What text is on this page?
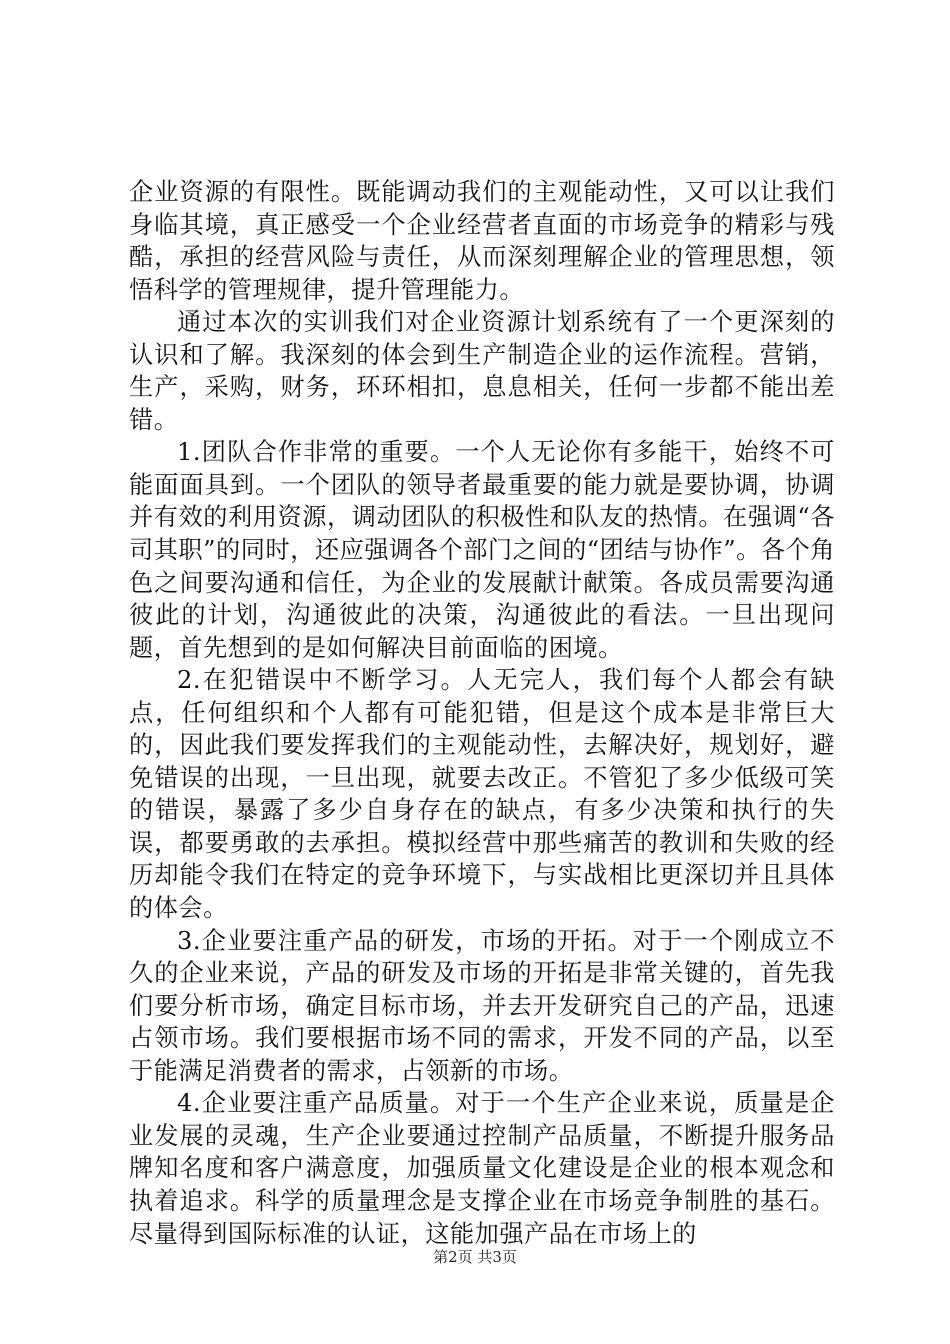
企业资源的有限性。既能调动我们的主观能动性，又可以让我们身临其境，真正感受一个企业经营者直面的市场竞争的精彩与残酷，承担的经营风险与责任，从而深刻理解企业的管理思想，领悟科学的管理规律，提升管理能力。

通过本次的实训我们对企业资源计划系统有了一个更深刻的认识和了解。我深刻的体会到生产制造企业的运作流程。营销，生产，采购，财务，环环相扣，息息相关，任何一步都不能出差错。

1.团队合作非常的重要。一个人无论你有多能干，始终不可能面面具到。一个团队的领导者最重要的能力就是要协调，协调并有效的利用资源，调动团队的积极性和队友的热情。在强调“各司其职”的同时，还应强调各个部门之间的“团结与协作”。各个角色之间要沟通和信任，为企业的发展献计献策。各成员需要沟通彼此的计划，沟通彼此的决策，沟通彼此的看法。一旦出现问题，首先想到的是如何解决目前面临的困境。

2.在犯错误中不断学习。人无完人，我们每个人都会有缺点，任何组织和个人都有可能犯错，但是这个成本是非常巨大的，因此我们要发挥我们的主观能动性，去解决好，规划好，避免错误的出现，一旦出现，就要去改正。不管犯了多少低级可笑的错误，暴露了多少自身存在的缺点，有多少决策和执行的失误，都要勇敢的去承担。模拟经营中那些痛苦的教训和失败的经历却能令我们在特定的竞争环境下，与实战相比更深切并且具体的体会。

3.企业要注重产品的研发，市场的开拓。对于一个刚成立不久的企业来说，产品的研发及市场的开拓是非常关键的，首先我们要分析市场，确定目标市场，并去开发研究自己的产品，迅速占领市场。我们要根据市场不同的需求，开发不同的产品，以至于能满足消费者的需求，占领新的市场。

4.企业要注重产品质量。对于一个生产企业来说，质量是企业发展的灵魂，生产企业要通过控制产品质量，不断提升服务品牌知名度和客户满意度，加强质量文化建设是企业的根本观念和执着追求。科学的质量理念是支撑企业在市场竞争制胜的基石。尽量得到国际标准的认证，这能加强产品在市场上的

第2页 共3页
